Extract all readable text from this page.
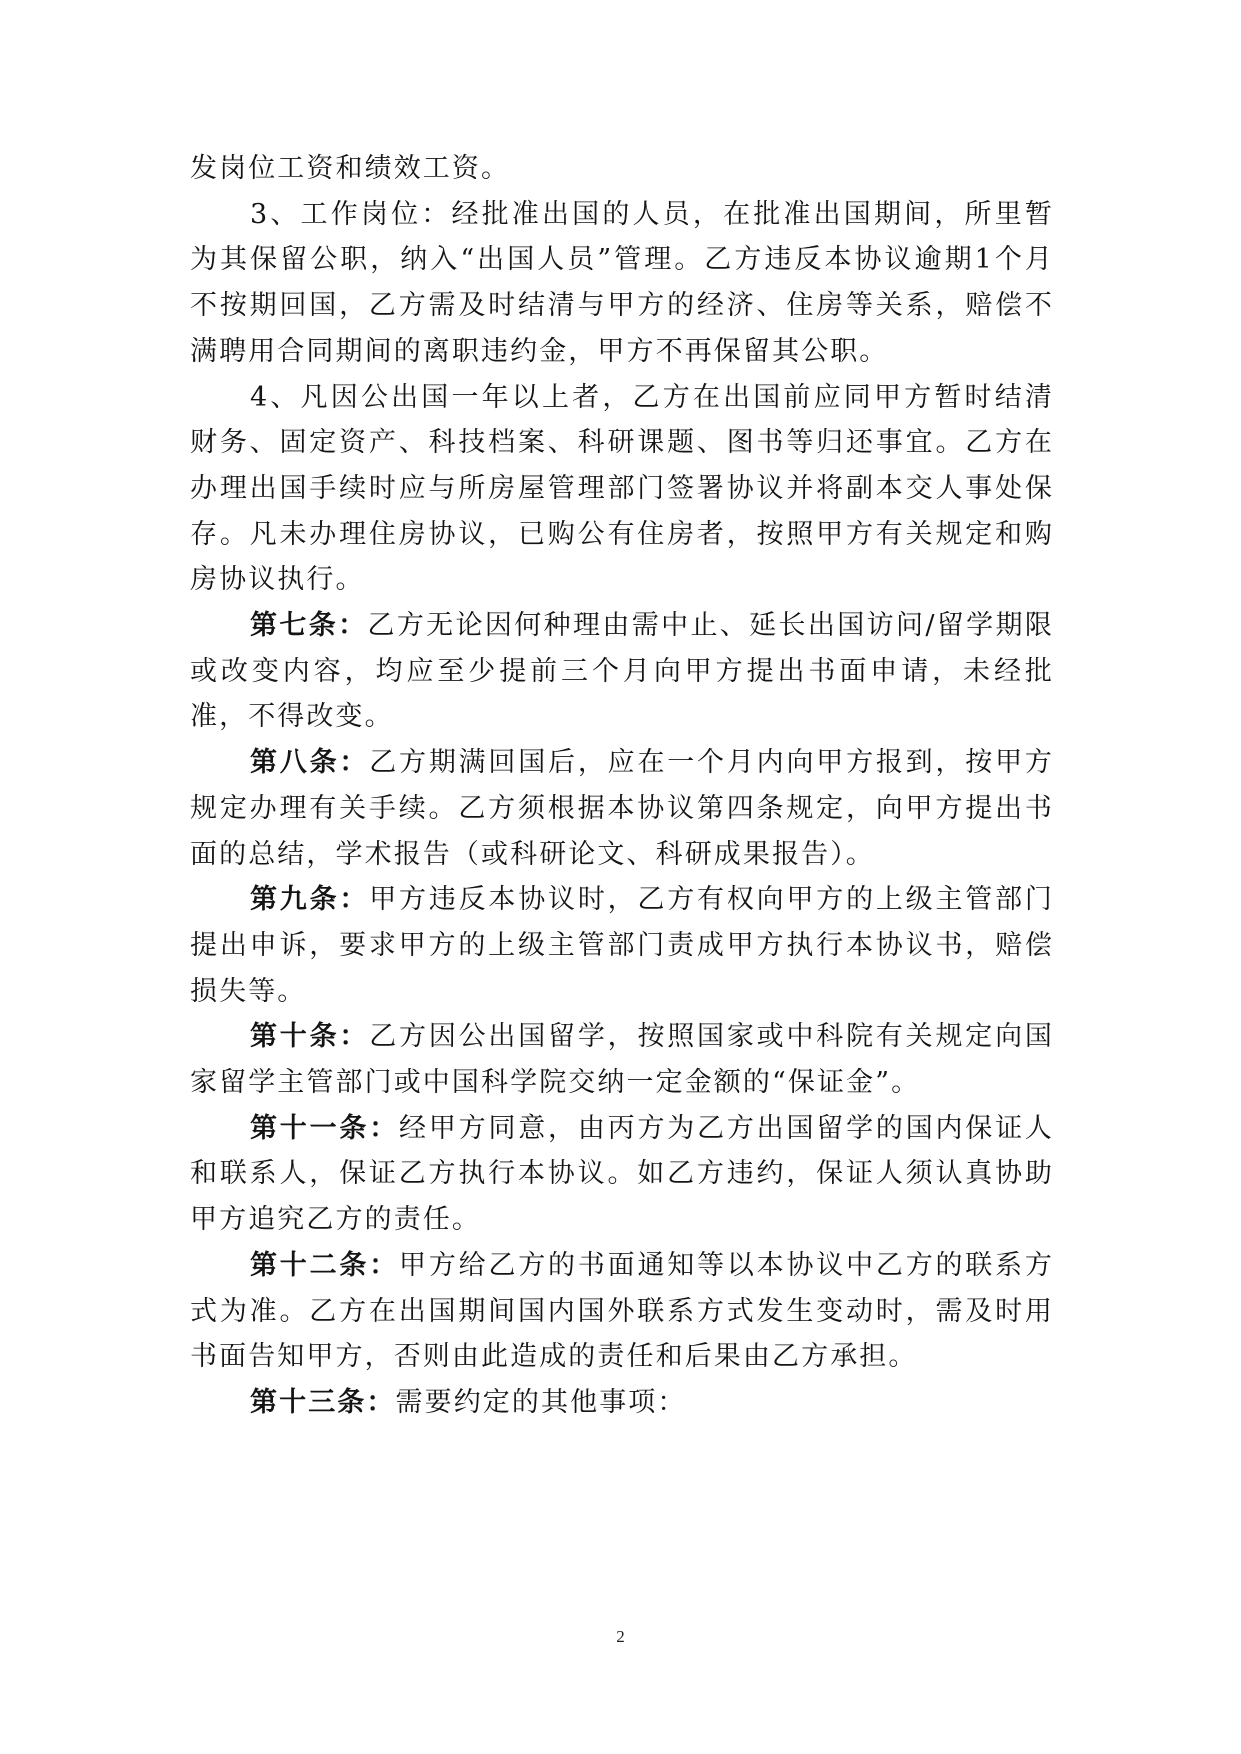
发岗位工资和绩效工资。

3、工作岗位：经批准出国的人员，在批准出国期间，所里暂为其保留公职，纳入“出国人员”管理。乙方违反本协议逾期1个月不按期回国，乙方需及时结清与甲方的经济、住房等关系，赔偿不满聘用合同期间的离职违约金，甲方不再保留其公职。

4、凡因公出国一年以上者，乙方在出国前应同甲方暂时结清财务、固定资产、科技档案、科研课题、图书等归还事宜。乙方在办理出国手续时应与所房屋管理部门签署协议并将副本交人事处保存。凡未办理住房协议，已购公有住房者，按照甲方有关规定和购房协议执行。

第七条：乙方无论因何种理由需中止、延长出国访问/留学期限或改变内容，均应至少提前三个月向甲方提出书面申请，未经批准，不得改变。

第八条：乙方期满回国后，应在一个月内向甲方报到，按甲方规定办理有关手续。乙方须根据本协议第四条规定，向甲方提出书面的总结，学术报告（或科研论文、科研成果报告）。

第九条：甲方违反本协议时，乙方有权向甲方的上级主管部门提出申诉，要求甲方的上级主管部门责成甲方执行本协议书，赔偿损失等。

第十条：乙方因公出国留学，按照国家或中科院有关规定向国家留学主管部门或中国科学院交纳一定金额的“保证金”。

第十一条：经甲方同意，由丙方为乙方出国留学的国内保证人和联系人，保证乙方执行本协议。如乙方违约，保证人须认真协助甲方追究乙方的责任。

第十二条：甲方给乙方的书面通知等以本协议中乙方的联系方式为准。乙方在出国期间国内国外联系方式发生变动时，需及时用书面告知甲方，否则由此造成的责任和后果由乙方承担。

第十三条：需要约定的其他事项：

2
